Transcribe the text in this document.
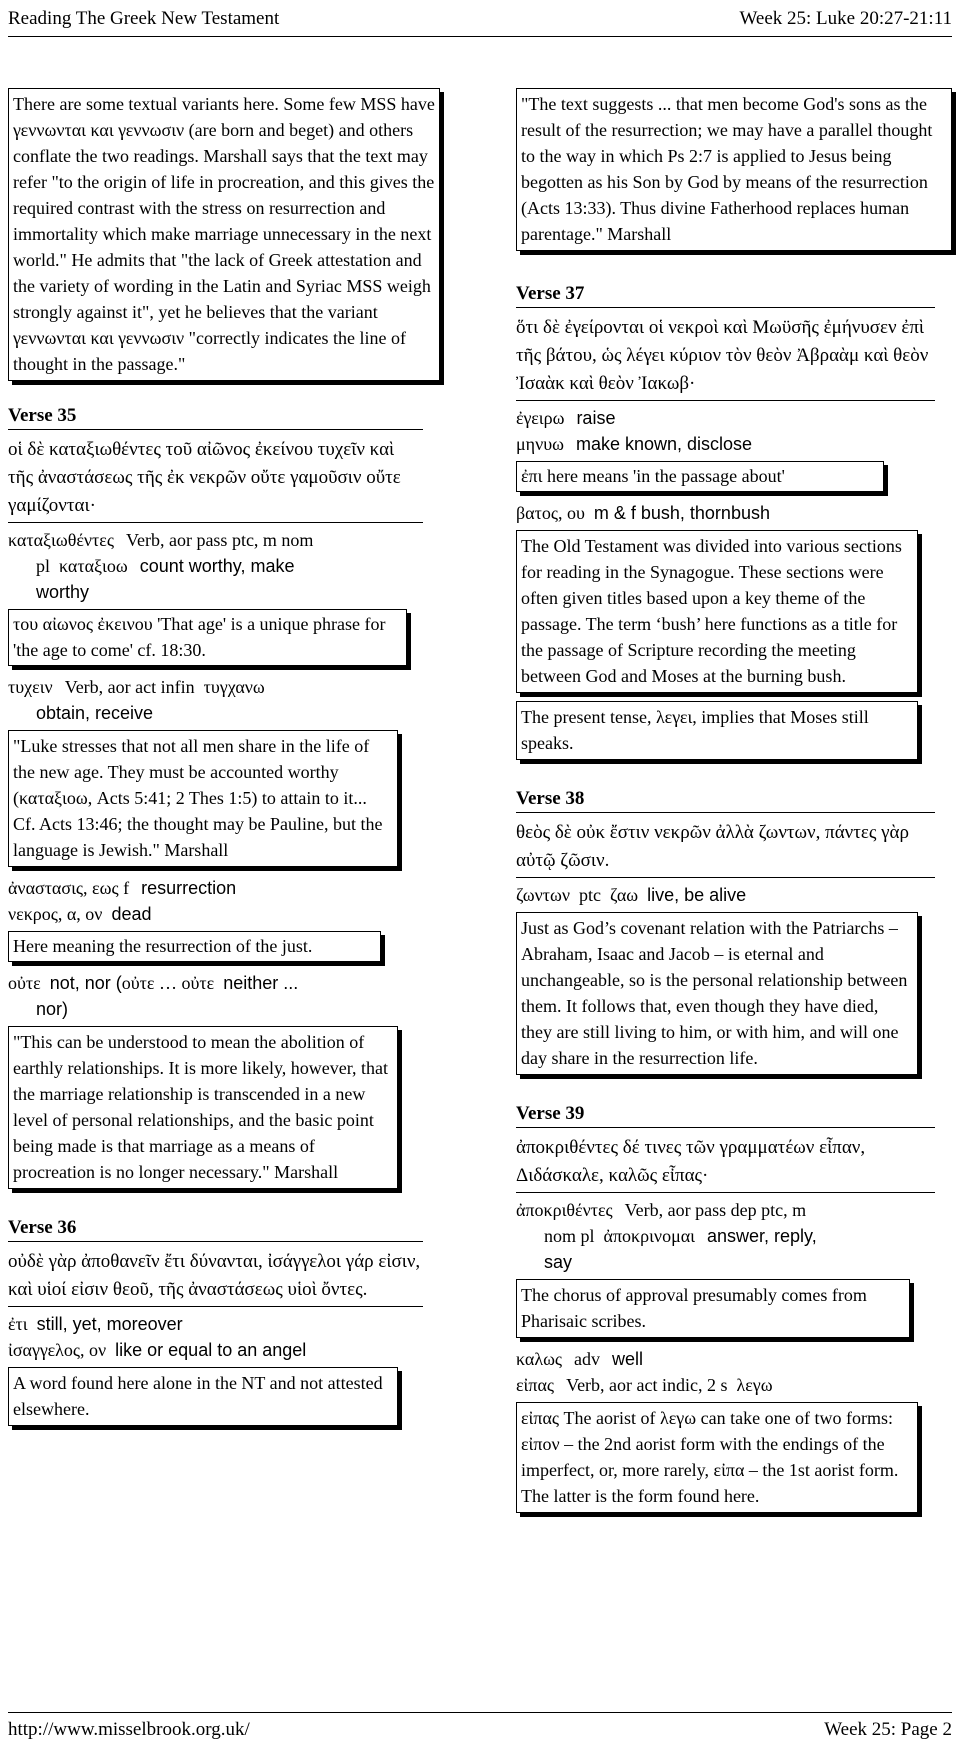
Reading The Greek New Testament	Week 25: Luke 20:27-21:11
There are some textual variants here. Some few MSS have γεννωνται και γεννωσιν (are born and beget) and others conflate the two readings. Marshall says that the text may refer "to the origin of life in procreation, and this gives the required contrast with the stress on resurrection and immortality which make marriage unnecessary in the next world." He admits that "the lack of Greek attestation and the variety of wording in the Latin and Syriac MSS weigh strongly against it", yet he believes that the variant γεννωνται και γεννωσιν "correctly indicates the line of thought in the passage."
Verse 35
οἱ δὲ καταξιωθέντες τοῦ αἰῶνος ἐκείνου τυχεῖν καὶ τῆς ἀναστάσεως τῆς ἐκ νεκρῶν οὔτε γαμοῦσιν οὔτε γαμίζονται·
καταξιωθέντες Verb, aor pass ptc, m nom
pl καταξιοω count worthy, make
worthy
του αἰωνος ἐκεινου 'That age' is a unique phrase for 'the age to come' cf. 18:30.
τυχειν Verb, aor act infin τυγχανω
obtain, receive
"Luke stresses that not all men share in the life of the new age. They must be accounted worthy (καταξιοω, Acts 5:41; 2 Thes 1:5) to attain to it... Cf. Acts 13:46; the thought may be Pauline, but the language is Jewish." Marshall
ἀναστασις, εως f resurrection
νεκρος, α, ον dead
Here meaning the resurrection of the just.
οὐτε not, nor (οὐτε … οὐτε neither ...
nor)
"This can be understood to mean the abolition of earthly relationships. It is more likely, however, that the marriage relationship is transcended in a new level of personal relationships, and the basic point being made is that marriage as a means of procreation is no longer necessary." Marshall
Verse 36
οὐδὲ γὰρ ἀποθανεῖν ἔτι δύνανται, ἰσάγγελοι γάρ εἰσιν, καὶ υἱοί εἰσιν θεοῦ, τῆς ἀναστάσεως υἱοὶ ὄντες.
ἐτι still, yet, moreover
ἰσαγγελος, ον like or equal to an angel
A word found here alone in the NT and not attested elsewhere.
"The text suggests ... that men become God's sons as the result of the resurrection; we may have a parallel thought to the way in which Ps 2:7 is applied to Jesus being begotten as his Son by God by means of the resurrection (Acts 13:33). Thus divine Fatherhood replaces human parentage." Marshall
Verse 37
ὅτι δὲ ἐγείρονται οἱ νεκροὶ καὶ Μωϋσῆς ἐμήνυσεν ἐπὶ τῆς βάτου, ὡς λέγει κύριον τὸν θεὸν Ἀβραὰμ καὶ θεὸν Ἰσαὰκ καὶ θεὸν Ἰακωβ·
ἐγειρω raise
μηνυω make known, disclose
ἐπι here means 'in the passage about'
βατος, ου m & f bush, thornbush
The Old Testament was divided into various sections for reading in the Synagogue. These sections were often given titles based upon a key theme of the passage. The term ‘bush’ here functions as a title for the passage of Scripture recording the meeting between God and Moses at the burning bush.
The present tense, λεγει, implies that Moses still speaks.
Verse 38
θεὸς δὲ οὐκ ἔστιν νεκρῶν ἀλλὰ ζωντων, πάντες γὰρ αὐτῷ ζῶσιν.
ζωντων ptc ζαω live, be alive
Just as God’s covenant relation with the Patriarchs – Abraham, Isaac and Jacob – is eternal and unchangeable, so is the personal relationship between them. It follows that, even though they have died, they are still living to him, or with him, and will one day share in the resurrection life.
Verse 39
ἀποκριθέντες δέ τινες τῶν γραμματέων εἶπαν, Διδάσκαλε, καλῶς εἶπας·
ἀποκριθέντες Verb, aor pass dep ptc, m
nom pl ἀποκρινομαι answer, reply,
say
The chorus of approval presumably comes from Pharisaic scribes.
καλως adv well
εἰπας Verb, aor act indic, 2 s λεγω
εἰπας The aorist of λεγω can take one of two forms: εἰπον – the 2nd aorist form with the endings of the imperfect, or, more rarely, εἰπα – the 1st aorist form. The latter is the form found here.
http://www.misselbrook.org.uk/	Week 25: Page 2
